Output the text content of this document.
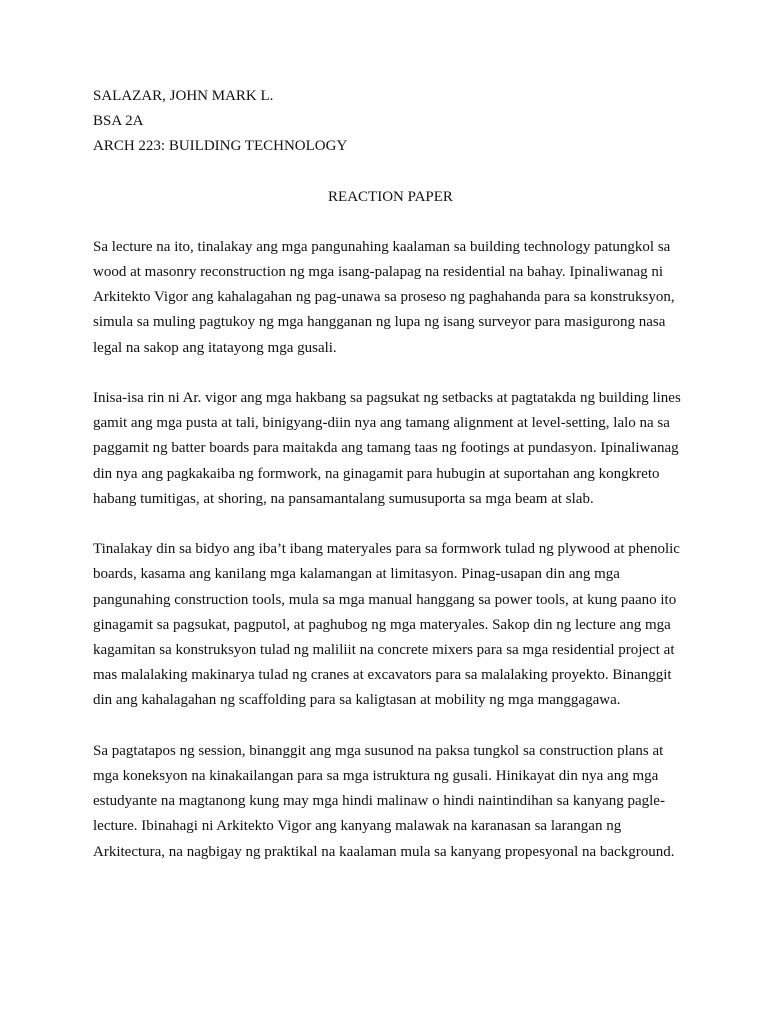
SALAZAR, JOHN MARK L.

BSA 2A

ARCH 223: BUILDING TECHNOLOGY

REACTION PAPER

Sa lecture na ito, tinalakay ang mga pangunahing kaalaman sa building technology patungkol sa wood at masonry reconstruction ng mga isang-palapag na residential na bahay. Ipinaliwanag ni Arkitekto Vigor ang kahalagahan ng pag-unawa sa proseso ng paghahanda para sa konstruksyon, simula sa muling pagtukoy ng mga hangganan ng lupa ng isang surveyor para masigurong nasa legal na sakop ang itatayong mga gusali.

Inisa-isa rin ni Ar. vigor ang mga hakbang sa pagsukat ng setbacks at pagtatakda ng building lines gamit ang mga pusta at tali, binigyang-diin nya ang tamang alignment at level-setting, lalo na sa paggamit ng batter boards para maitakda ang tamang taas ng footings at pundasyon. Ipinaliwanag din nya ang pagkakaiba ng formwork, na ginagamit para hubugin at suportahan ang kongkreto habang tumitigas, at shoring, na pansamantalang sumusuporta sa mga beam at slab.

Tinalakay din sa bidyo ang iba’t ibang materyales para sa formwork tulad ng plywood at phenolic boards, kasama ang kanilang mga kalamangan at limitasyon. Pinag-usapan din ang mga pangunahing construction tools, mula sa mga manual hanggang sa power tools, at kung paano ito ginagamit sa pagsukat, pagputol, at paghubog ng mga materyales. Sakop din ng lecture ang mga kagamitan sa konstruksyon tulad ng maliliit na concrete mixers para sa mga residential project at mas malalaking makinarya tulad ng cranes at excavators para sa malalaking proyekto. Binanggit din ang kahalagahan ng scaffolding para sa kaligtasan at mobility ng mga manggagawa.

Sa pagtatapos ng session, binanggit ang mga susunod na paksa tungkol sa construction plans at mga koneksyon na kinakailangan para sa mga istruktura ng gusali. Hinikayat din nya ang mga estudyante na magtanong kung may mga hindi malinaw o hindi naintindihan sa kanyang pagle-lecture. Ibinahagi ni Arkitekto Vigor ang kanyang malawak na karanasan sa larangan ng Arkitectura, na nagbigay ng praktikal na kaalaman mula sa kanyang propesyonal na background.
